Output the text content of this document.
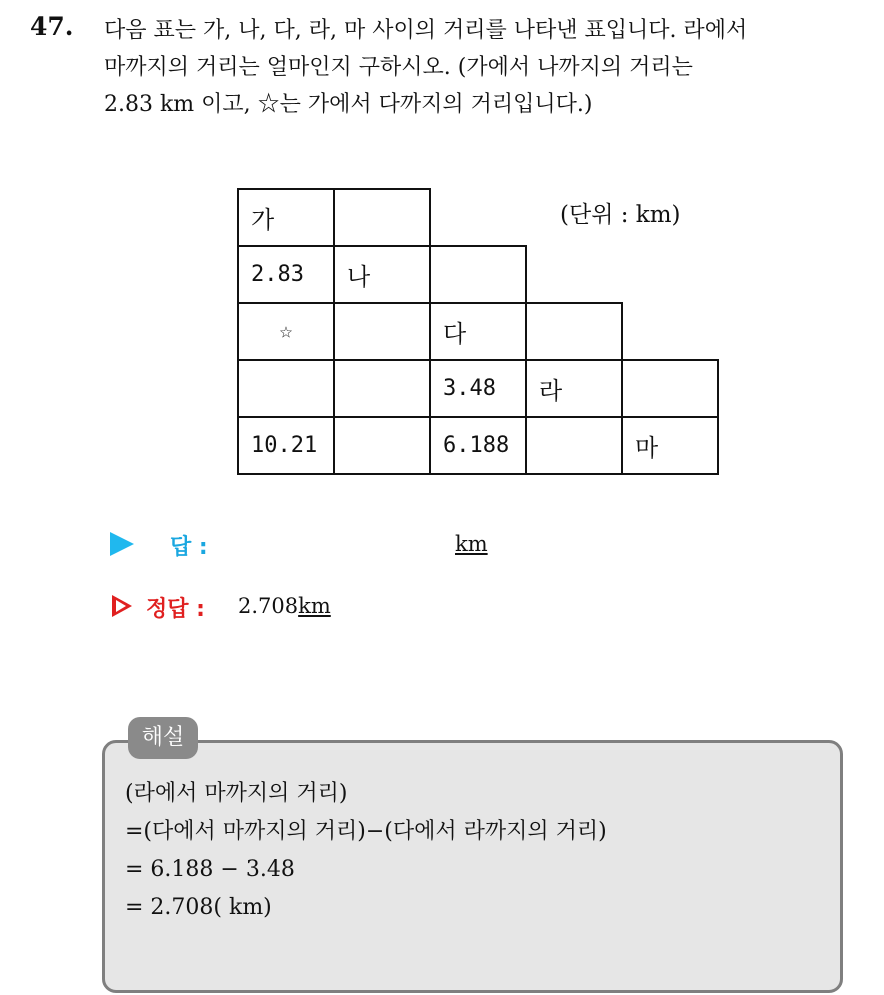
47. 다음 표는 가, 나, 다, 라, 마 사이의 거리를 나타낸 표입니다. 라에서
마까지의 거리는 얼마인지 구하시오. (가에서 나까지의 거리는
2.83 km 이고, ☆는 가에서 다까지의 거리입니다.)
(단위 : km)
가				
2.83	나			
☆		다		
		3.48	라	
10.21		6.188		마
답 :	km
정답 : 2.708km
해설
(라에서 마까지의 거리)
=(다에서 마까지의 거리)−(다에서 라까지의 거리)
= 6.188 − 3.48
= 2.708( km)
